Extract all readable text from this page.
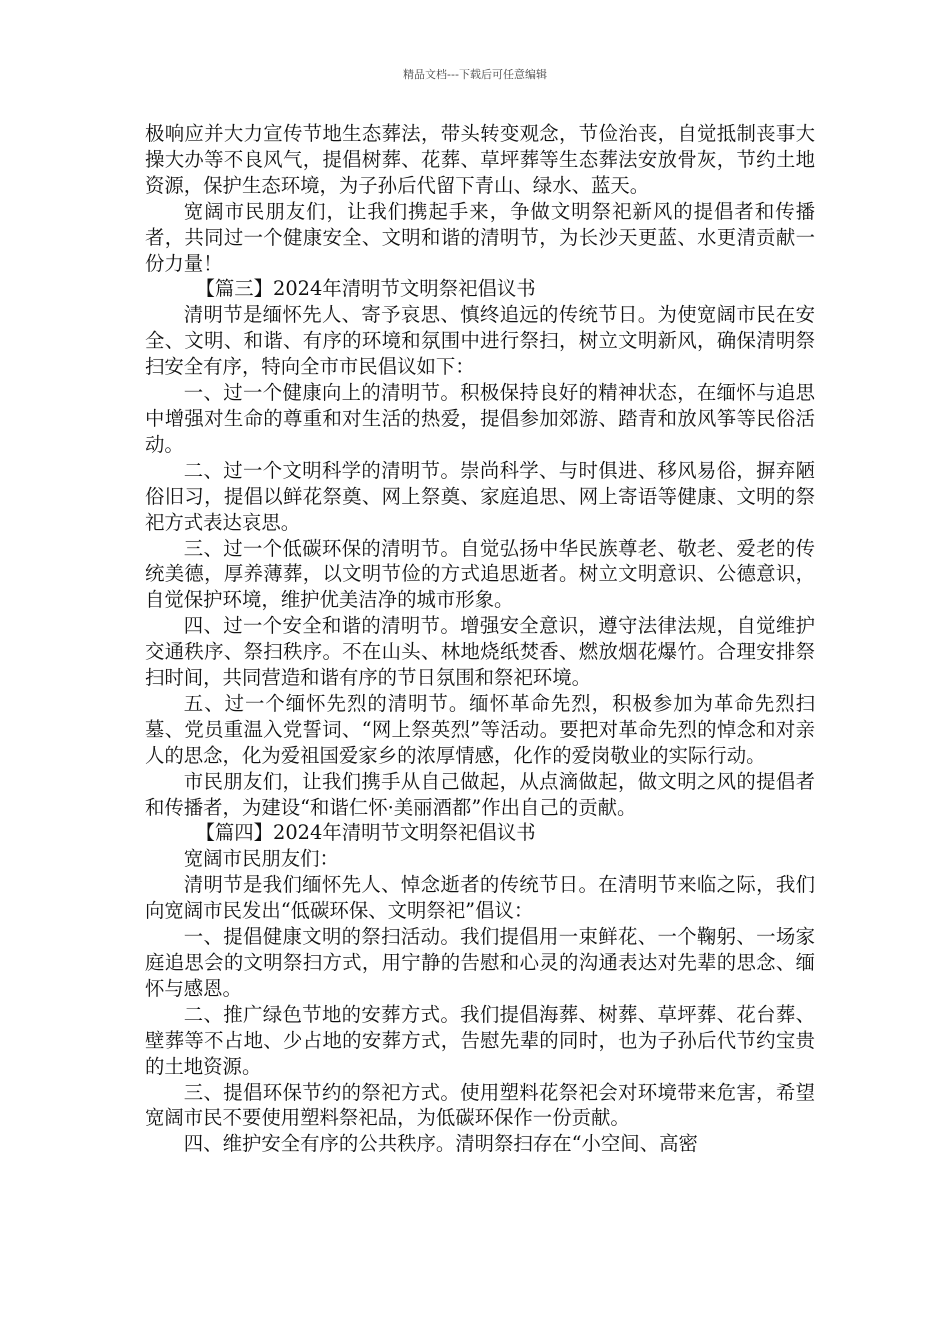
精品文档---下载后可任意编辑

极响应并大力宣传节地生态葬法，带头转变观念，节俭治丧，自觉抵制丧事大操大办等不良风气，提倡树葬、花葬、草坪葬等生态葬法安放骨灰，节约土地资源，保护生态环境，为子孙后代留下青山、绿水、蓝天。

宽阔市民朋友们，让我们携起手来，争做文明祭祀新风的提倡者和传播者，共同过一个健康安全、文明和谐的清明节，为长沙天更蓝、水更清贡献一份力量！

【篇三】2024年清明节文明祭祀倡议书

清明节是缅怀先人、寄予哀思、慎终追远的传统节日。为使宽阔市民在安全、文明、和谐、有序的环境和氛围中进行祭扫，树立文明新风，确保清明祭扫安全有序，特向全市市民倡议如下：

一、过一个健康向上的清明节。积极保持良好的精神状态，在缅怀与追思中增强对生命的尊重和对生活的热爱，提倡参加郊游、踏青和放风筝等民俗活动。

二、过一个文明科学的清明节。崇尚科学、与时俱进、移风易俗，摒弃陋俗旧习，提倡以鲜花祭奠、网上祭奠、家庭追思、网上寄语等健康、文明的祭祀方式表达哀思。

三、过一个低碳环保的清明节。自觉弘扬中华民族尊老、敬老、爱老的传统美德，厚养薄葬，以文明节俭的方式追思逝者。树立文明意识、公德意识，自觉保护环境，维护优美洁净的城市形象。

四、过一个安全和谐的清明节。增强安全意识，遵守法律法规，自觉维护交通秩序、祭扫秩序。不在山头、林地烧纸焚香、燃放烟花爆竹。合理安排祭扫时间，共同营造和谐有序的节日氛围和祭祀环境。

五、过一个缅怀先烈的清明节。缅怀革命先烈，积极参加为革命先烈扫墓、党员重温入党誓词、“网上祭英烈”等活动。要把对革命先烈的悼念和对亲人的思念，化为爱祖国爱家乡的浓厚情感，化作的爱岗敬业的实际行动。

市民朋友们，让我们携手从自己做起，从点滴做起，做文明之风的提倡者和传播者，为建设“和谐仁怀·美丽酒都”作出自己的贡献。

【篇四】2024年清明节文明祭祀倡议书

宽阔市民朋友们：

清明节是我们缅怀先人、悼念逝者的传统节日。在清明节来临之际，我们向宽阔市民发出“低碳环保、文明祭祀”倡议：

一、提倡健康文明的祭扫活动。我们提倡用一束鲜花、一个鞠躬、一场家庭追思会的文明祭扫方式，用宁静的告慰和心灵的沟通表达对先辈的思念、缅怀与感恩。

二、推广绿色节地的安葬方式。我们提倡海葬、树葬、草坪葬、花台葬、壁葬等不占地、少占地的安葬方式，告慰先辈的同时，也为子孙后代节约宝贵的土地资源。

三、提倡环保节约的祭祀方式。使用塑料花祭祀会对环境带来危害，希望宽阔市民不要使用塑料祭祀品，为低碳环保作一份贡献。

四、维护安全有序的公共秩序。清明祭扫存在“小空间、高密
